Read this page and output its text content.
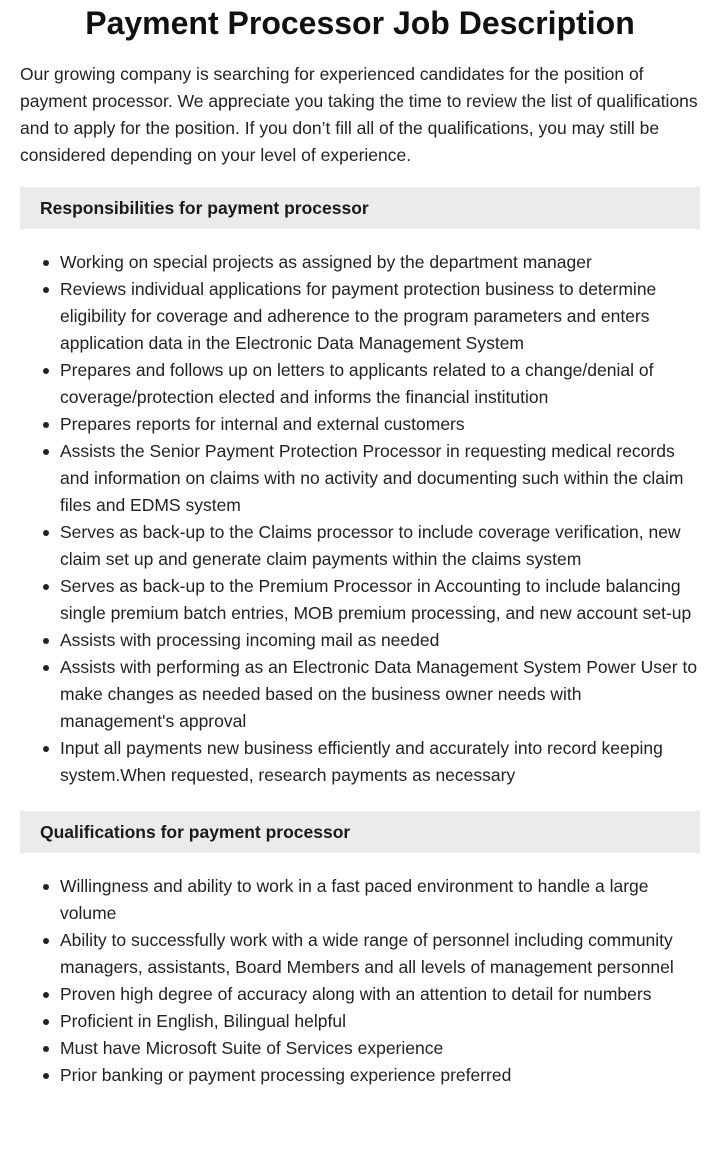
Payment Processor Job Description

Our growing company is searching for experienced candidates for the position of payment processor. We appreciate you taking the time to review the list of qualifications and to apply for the position. If you don’t fill all of the qualifications, you may still be considered depending on your level of experience.

Responsibilities for payment processor
Working on special projects as assigned by the department manager
Reviews individual applications for payment protection business to determine eligibility for coverage and adherence to the program parameters and enters application data in the Electronic Data Management System
Prepares and follows up on letters to applicants related to a change/denial of coverage/protection elected and informs the financial institution
Prepares reports for internal and external customers
Assists the Senior Payment Protection Processor in requesting medical records and information on claims with no activity and documenting such within the claim files and EDMS system
Serves as back-up to the Claims processor to include coverage verification, new claim set up and generate claim payments within the claims system
Serves as back-up to the Premium Processor in Accounting to include balancing single premium batch entries, MOB premium processing, and new account set-up
Assists with processing incoming mail as needed
Assists with performing as an Electronic Data Management System Power User to make changes as needed based on the business owner needs with management's approval
Input all payments new business efficiently and accurately into record keeping system.When requested, research payments as necessary
Qualifications for payment processor
Willingness and ability to work in a fast paced environment to handle a large volume
Ability to successfully work with a wide range of personnel including community managers, assistants, Board Members and all levels of management personnel
Proven high degree of accuracy along with an attention to detail for numbers
Proficient in English, Bilingual helpful
Must have Microsoft Suite of Services experience
Prior banking or payment processing experience preferred
